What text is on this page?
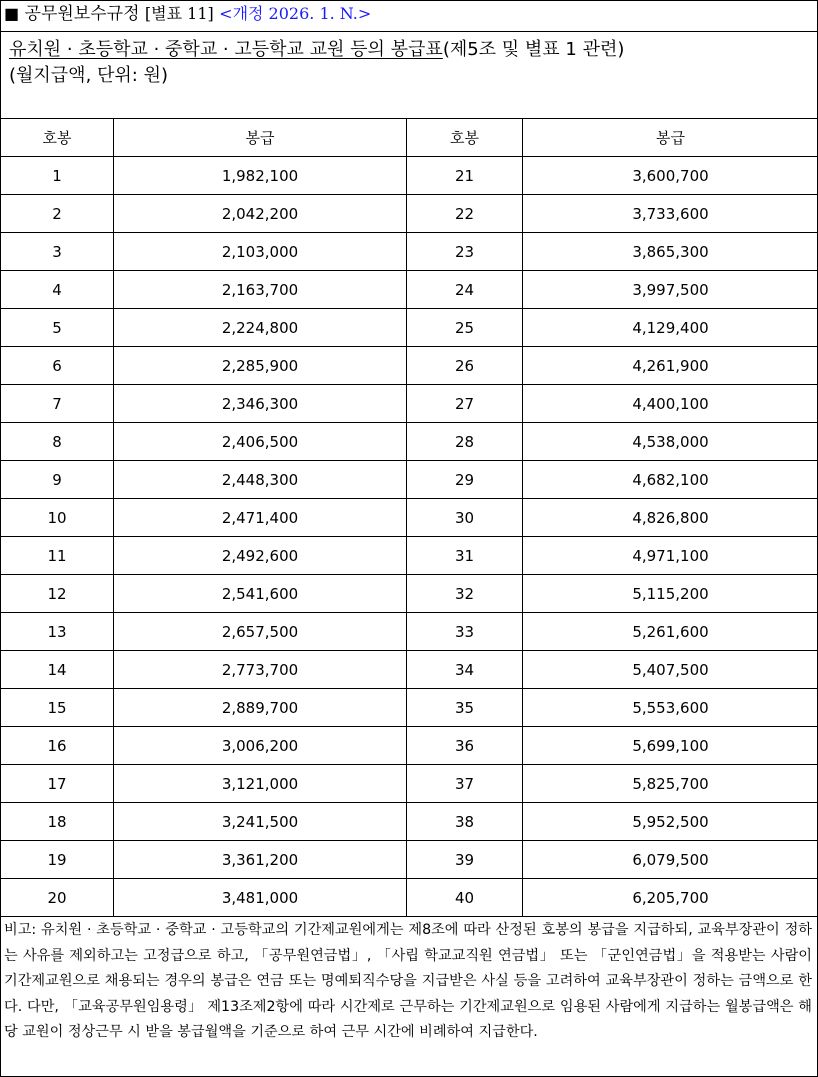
■ 공무원보수규정 [별표 11] <개정 2026. 1. N.>
유치원 · 초등학교 · 중학교 · 고등학교 교원 등의 봉급표(제5조 및 별표 1 관련)
(월지급액, 단위: 원)
호봉	봉급	호봉	봉급
1	1,982,100	21	3,600,700
2	2,042,200	22	3,733,600
3	2,103,000	23	3,865,300
4	2,163,700	24	3,997,500
5	2,224,800	25	4,129,400
6	2,285,900	26	4,261,900
7	2,346,300	27	4,400,100
8	2,406,500	28	4,538,000
9	2,448,300	29	4,682,100
10	2,471,400	30	4,826,800
11	2,492,600	31	4,971,100
12	2,541,600	32	5,115,200
13	2,657,500	33	5,261,600
14	2,773,700	34	5,407,500
15	2,889,700	35	5,553,600
16	3,006,200	36	5,699,100
17	3,121,000	37	5,825,700
18	3,241,500	38	5,952,500
19	3,361,200	39	6,079,500
20	3,481,000	40	6,205,700
비고: 유치원 · 초등학교 · 중학교 · 고등학교의 기간제교원에게는 제8조에 따라 산정된 호봉의 봉급을 지급하되, 교육부장관이 정하는 사유를 제외하고는 고정급으로 하고, 「공무원연금법」, 「사립 학교교직원 연금법」 또는 「군인연금법」을 적용받는 사람이 기간제교원으로 채용되는 경우의 봉급은 연금 또는 명예퇴직수당을 지급받은 사실 등을 고려하여 교육부장관이 정하는 금액으로 한다. 다만, 「교육공무원임용령」 제13조제2항에 따라 시간제로 근무하는 기간제교원으로 임용된 사람에게 지급하는 월봉급액은 해당 교원이 정상근무 시 받을 봉급월액을 기준으로 하여 근무 시간에 비례하여 지급한다.
